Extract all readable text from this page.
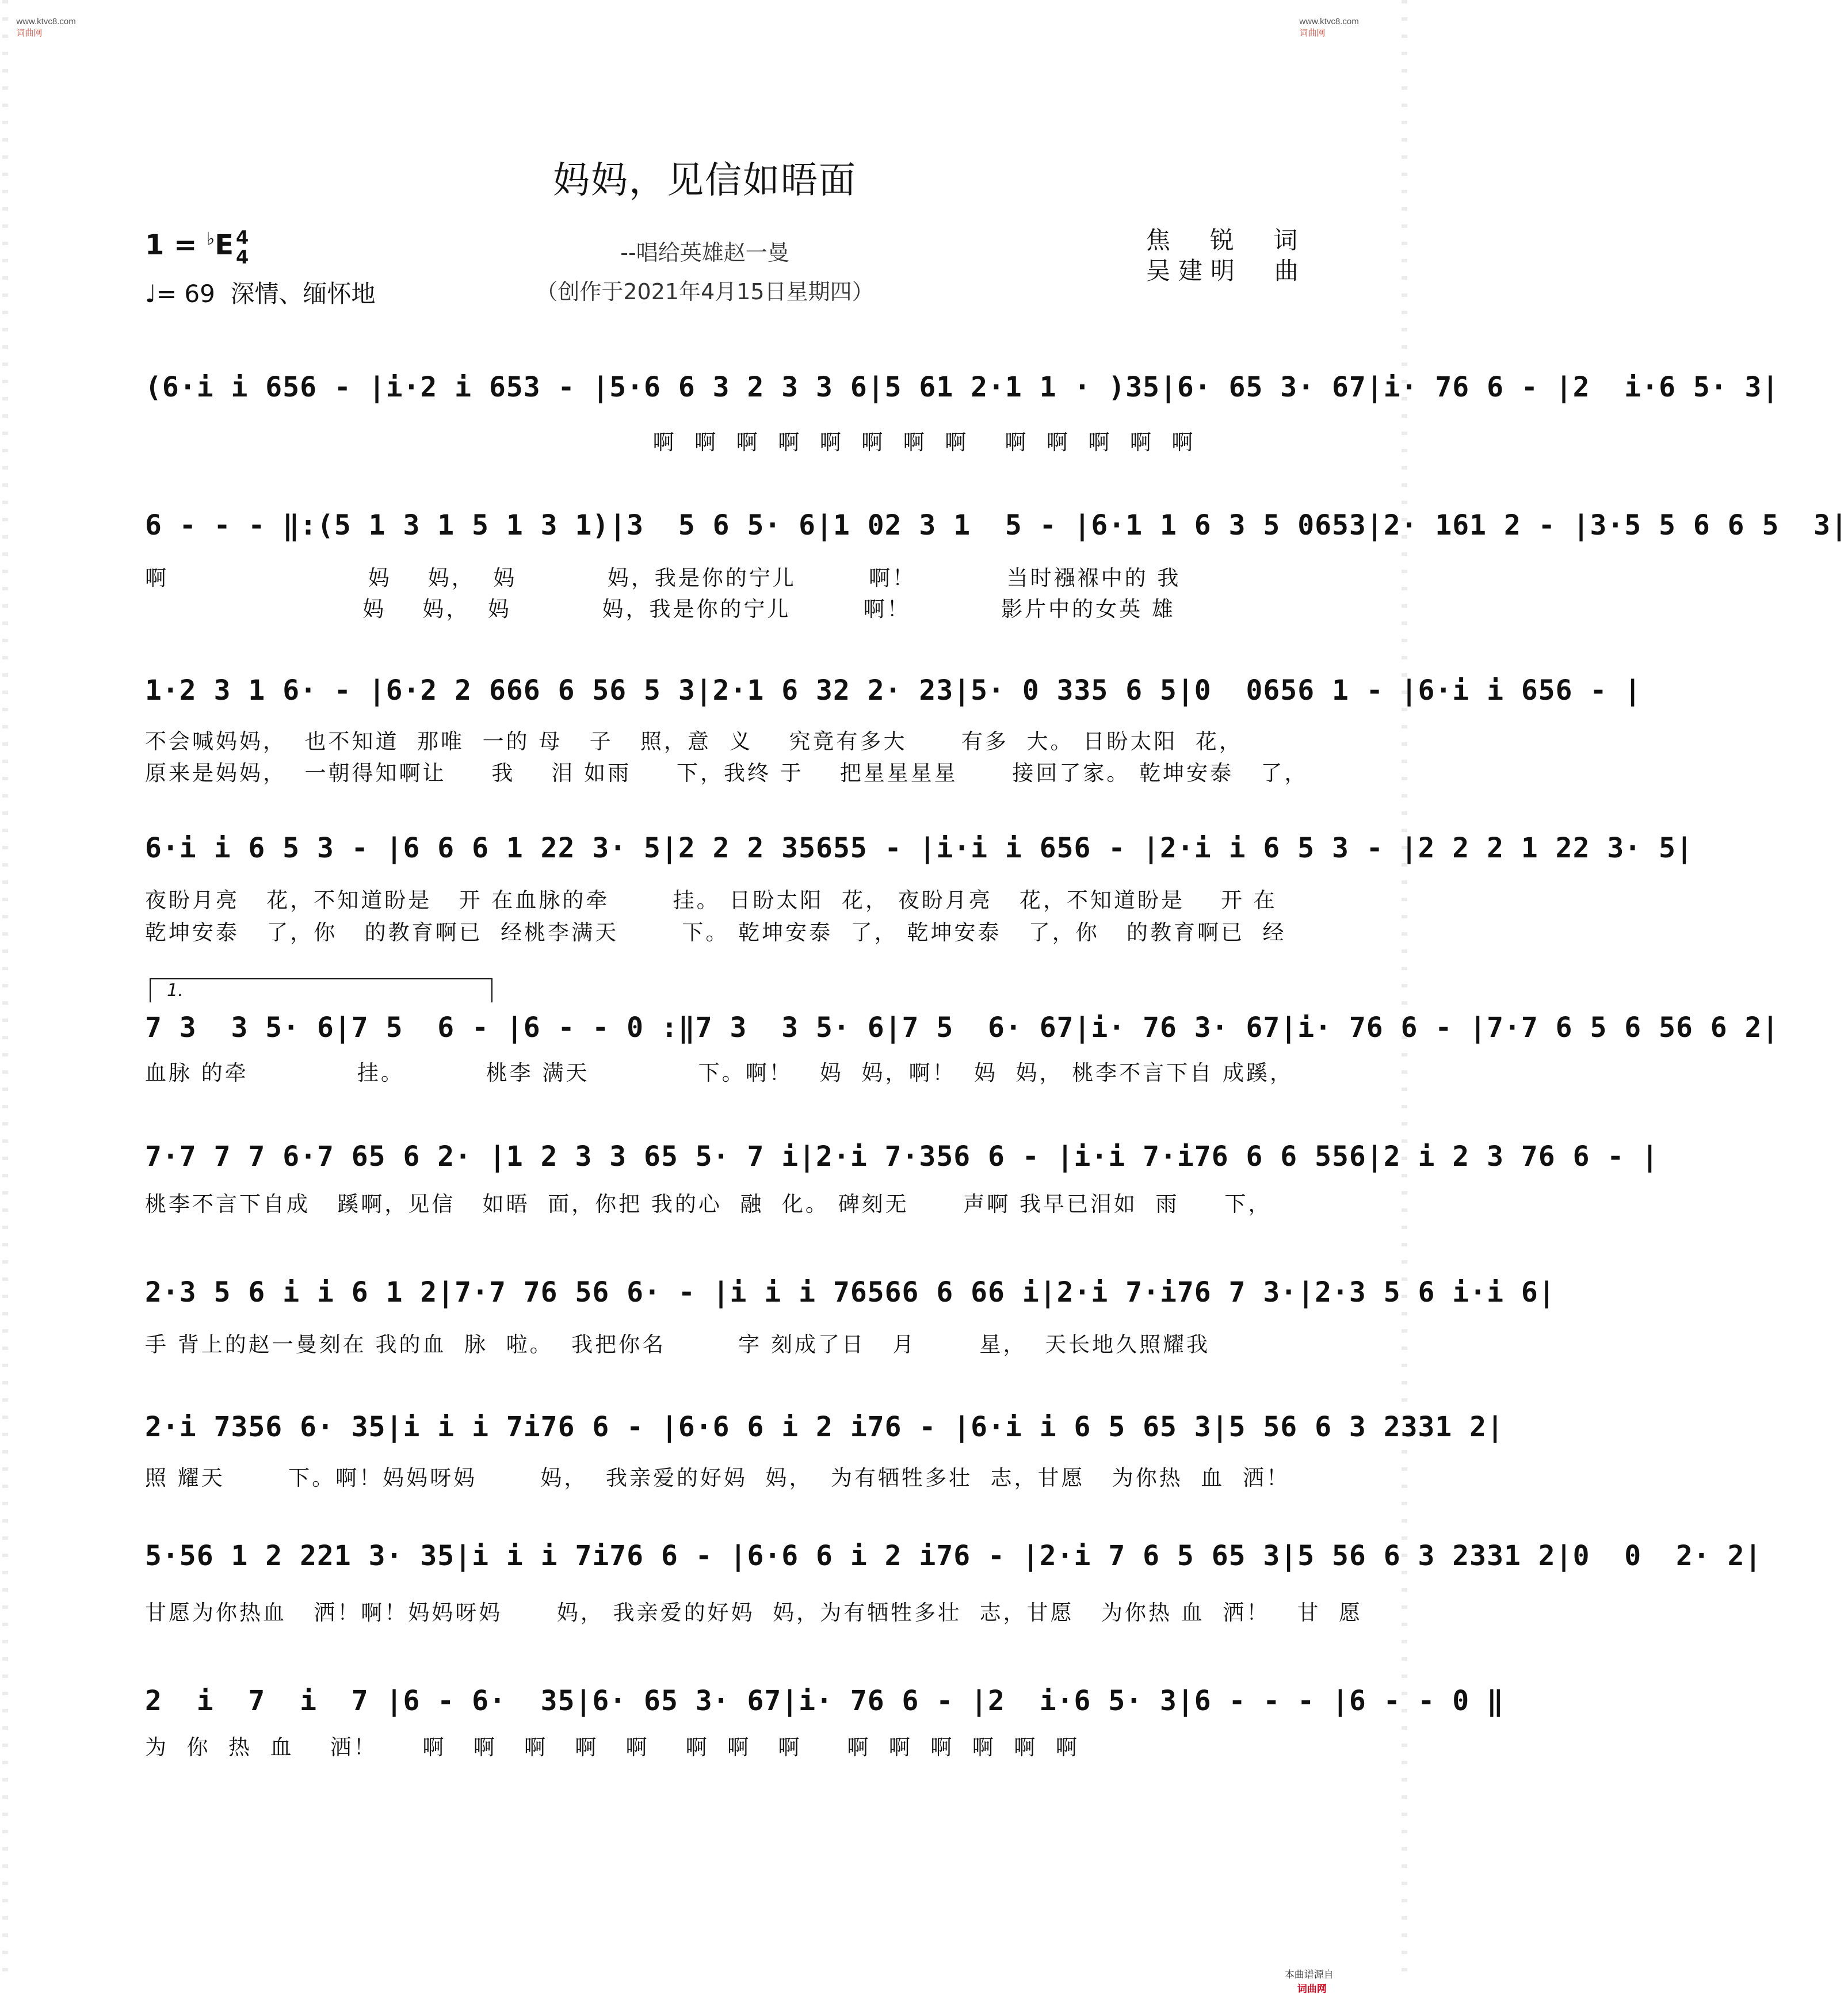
www.ktvc8.com
词曲网

www.ktvc8.com
词曲网

妈妈，见信如晤面
1 = ♭E 4
4
♩= 69  深情、缅怀地
--唱给英雄赵一曼
（创作于2021年4月15日星期四）
焦  锐  词
吴建明  曲
(6·i i 656 - |i·2 i 653 - |5·6 6 3 2 3 3 6|5 61 2·1 1 · )35|6· 65 3· 67|i· 76 6 - |2  i·6 5· 3|
啊  啊  啊  啊  啊  啊  啊  啊    啊  啊  啊  啊  啊
6 - - - ‖:(5 1 3 1 5 1 3 1)|3  5 6 5· 6|1 02 3 1  5 - |6·1 1 6 3 5 0653|2· 161 2 - |3·5 5 6 6 5  3|
啊                      妈    妈，  妈          妈，我是你的宁儿        啊！          当时襁褓中的 我
妈    妈，  妈          妈，我是你的宁儿        啊！          影片中的女英 雄
1·2 3 1 6· - |6·2 2 666 6 56 5 3|2·1 6 32 2· 23|5· 0 335 6 5|0  0656 1 - |6·i i 656 - |
不会喊妈妈，  也不知道  那唯  一的 母   子   照，意  义    究竟有多大      有多  大。 日盼太阳  花，
原来是妈妈，  一朝得知啊让     我    泪 如雨     下，我终 于    把星星星星      接回了家。 乾坤安泰   了，
6·i i 6 5 3 - |6 6 6 1 22 3· 5|2 2 2 35655 - |i·i i 656 - |2·i i 6 5 3 - |2 2 2 1 22 3· 5|
夜盼月亮   花，不知道盼是   开 在血脉的牵       挂。 日盼太阳  花， 夜盼月亮   花，不知道盼是    开 在
乾坤安泰   了，你   的教育啊已  经桃李满天       下。 乾坤安泰  了， 乾坤安泰   了，你   的教育啊已  经
1.
7 3  3 5· 6|7 5  6 - |6 - - 0 :‖7 3  3 5· 6|7 5  6· 67|i· 76 3· 67|i· 76 6 - |7·7 6 5 6 56 6 2|
血脉 的牵            挂。         桃李 满天            下。啊！   妈  妈，啊！  妈  妈， 桃李不言下自 成蹊，
7·7 7 7 6·7 65 6 2· |1 2 3 3 65 5· 7 i|2·i 7·356 6 - |i·i 7·i76 6 6 556|2 i 2 3 76 6 - |
桃李不言下自成   蹊啊，见信   如晤  面，你把 我的心  融  化。 碑刻无      声啊 我早已泪如  雨     下，
2·3 5 6 i i 6 1 2|7·7 76 56 6· - |i i i 76566 6 66 i|2·i 7·i76 7 3·|2·3 5 6 i·i 6|
手 背上的赵一曼刻在 我的血  脉  啦。  我把你名        字 刻成了日   月       星，  天长地久照耀我
2·i 7356 6· 35|i i i 7i76 6 - |6·6 6 i 2 i76 - |6·i i 6 5 65 3|5 56 6 3 2331 2|
照 耀天       下。啊！妈妈呀妈       妈，  我亲爱的好妈  妈，  为有牺牲多壮  志，甘愿   为你热  血  洒！
5·56 1 2 221 3· 35|i i i 7i76 6 - |6·6 6 i 2 i76 - |2·i 7 6 5 65 3|5 56 6 3 2331 2|0  0  2· 2|
甘愿为你热血   洒！啊！妈妈呀妈      妈， 我亲爱的好妈  妈，为有牺牲多壮  志，甘愿   为你热 血  洒！   甘  愿
2  i  7  i  7 |6 - 6·  35|6· 65 3· 67|i· 76 6 - |2  i·6 5· 3|6 - - - |6 - - 0 ‖
为  你  热  血    洒！     啊   啊   啊   啊   啊    啊  啊   啊     啊  啊  啊  啊  啊  啊

本曲谱源自
词曲网
